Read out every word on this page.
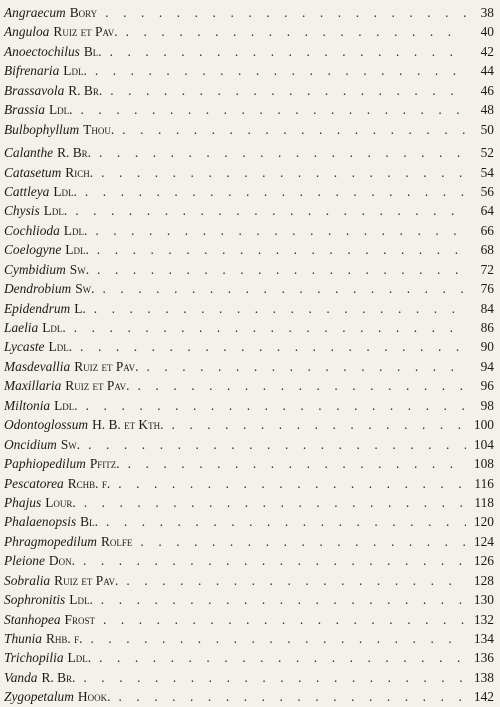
Angraecum Bory . . .	38
Anguloa Ruiz et Pav. . . .	40
Anoectochilus Bl. . . .	42
Bifrenaria Ldl. . . .	44
Brassavola R. Br. . . .	46
Brassia Ldl. . . .	48
Bulbophyllum Thou. . . .	50
Calanthe R. Br. . . .	52
Catasetum Rich. . . .	54
Cattleya Ldl. . . .	56
Chysis Ldl. . . .	64
Cochlioda Ldl. . . .	66
Coelogyne Ldl. . . .	68
Cymbidium Sw. . . .	72
Dendrobium Sw. . . .	76
Epidendrum L. . . .	84
Laelia Ldl. . . .	86
Lycaste Ldl. . . .	90
Masdevallia Ruiz et Pav. . . .	94
Maxillaria Ruiz et Pav. . . .	96
Miltonia Ldl. . . .	98
Odontoglossum H. B. et Kth. . . .	100
Oncidium Sw. . . .	104
Paphiopedilum Pfitz. . . .	108
Pescatorea Rchb. f. . . .	116
Phajus Lour. . . .	118
Phalaenopsis Bl. . . .	120
Phragmopedilum Rolfe . . .	124
Pleione Don. . . .	126
Sobralia Ruiz et Pav. . . .	128
Sophronitis Ldl. . . .	130
Stanhopea Frost . . .	132
Thunia Rhb. f. . . .	134
Trichopilia Ldl. . . .	136
Vanda R. Br. . . .	138
Zygopetalum Hook. . . .	142
